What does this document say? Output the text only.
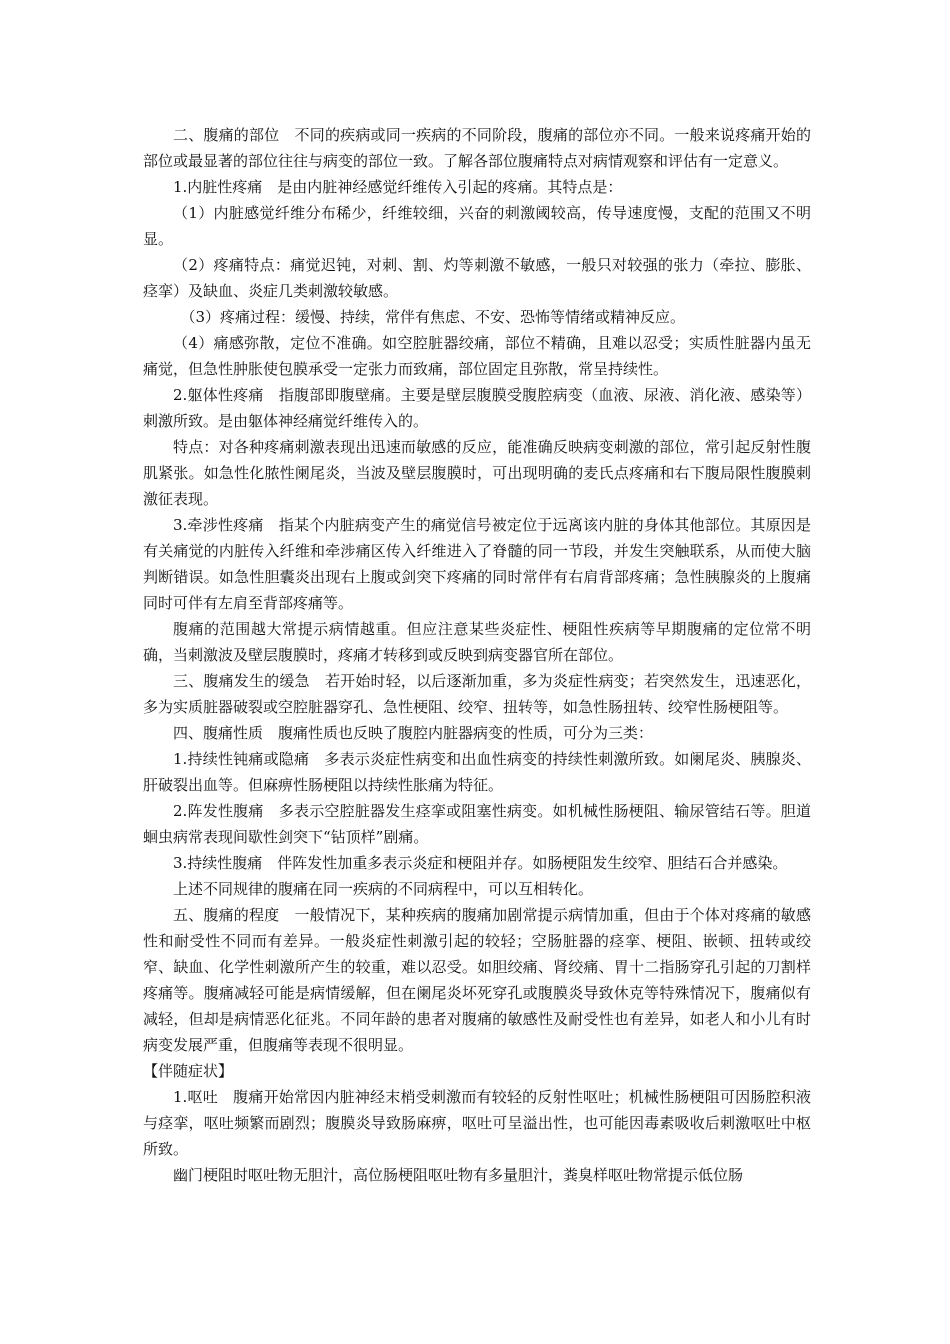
二、腹痛的部位　不同的疾病或同一疾病的不同阶段，腹痛的部位亦不同。一般来说疼痛开始的部位或最显著的部位往往与病变的部位一致。了解各部位腹痛特点对病情观察和评估有一定意义。

1.内脏性疼痛　是由内脏神经感觉纤维传入引起的疼痛。其特点是：

（1）内脏感觉纤维分布稀少，纤维较细，兴奋的刺激阈较高，传导速度慢，支配的范围又不明显。

（2）疼痛特点：痛觉迟钝，对刺、割、灼等刺激不敏感，一般只对较强的张力（牵拉、膨胀、痉挛）及缺血、炎症几类刺激较敏感。

（3）疼痛过程：缓慢、持续，常伴有焦虑、不安、恐怖等情绪或精神反应。

（4）痛感弥散，定位不准确。如空腔脏器绞痛，部位不精确，且难以忍受；实质性脏器内虽无痛觉，但急性肿胀使包膜承受一定张力而致痛，部位固定且弥散，常呈持续性。

2.躯体性疼痛　指腹部即腹壁痛。主要是壁层腹膜受腹腔病变（血液、尿液、消化液、感染等）刺激所致。是由躯体神经痛觉纤维传入的。

特点：对各种疼痛刺激表现出迅速而敏感的反应，能准确反映病变刺激的部位，常引起反射性腹肌紧张。如急性化脓性阑尾炎，当波及壁层腹膜时，可出现明确的麦氏点疼痛和右下腹局限性腹膜刺激征表现。

3.牵涉性疼痛　指某个内脏病变产生的痛觉信号被定位于远离该内脏的身体其他部位。其原因是有关痛觉的内脏传入纤维和牵涉痛区传入纤维进入了脊髓的同一节段，并发生突触联系，从而使大脑判断错误。如急性胆囊炎出现右上腹或剑突下疼痛的同时常伴有右肩背部疼痛；急性胰腺炎的上腹痛同时可伴有左肩至背部疼痛等。

腹痛的范围越大常提示病情越重。但应注意某些炎症性、梗阻性疾病等早期腹痛的定位常不明确，当刺激波及壁层腹膜时，疼痛才转移到或反映到病变器官所在部位。

三、腹痛发生的缓急　若开始时轻，以后逐渐加重，多为炎症性病变；若突然发生，迅速恶化，多为实质脏器破裂或空腔脏器穿孔、急性梗阻、绞窄、扭转等，如急性肠扭转、绞窄性肠梗阻等。

四、腹痛性质　腹痛性质也反映了腹腔内脏器病变的性质，可分为三类：

1.持续性钝痛或隐痛　多表示炎症性病变和出血性病变的持续性刺激所致。如阑尾炎、胰腺炎、肝破裂出血等。但麻痹性肠梗阻以持续性胀痛为特征。

2.阵发性腹痛　多表示空腔脏器发生痉挛或阻塞性病变。如机械性肠梗阻、输尿管结石等。胆道蛔虫病常表现间歇性剑突下“钻顶样”剧痛。

3.持续性腹痛　伴阵发性加重多表示炎症和梗阻并存。如肠梗阻发生绞窄、胆结石合并感染。

上述不同规律的腹痛在同一疾病的不同病程中，可以互相转化。

五、腹痛的程度　一般情况下，某种疾病的腹痛加剧常提示病情加重，但由于个体对疼痛的敏感性和耐受性不同而有差异。一般炎症性刺激引起的较轻；空肠脏器的痉挛、梗阻、嵌顿、扭转或绞窄、缺血、化学性刺激所产生的较重，难以忍受。如胆绞痛、肾绞痛、胃十二指肠穿孔引起的刀割样疼痛等。腹痛减轻可能是病情缓解，但在阑尾炎坏死穿孔或腹膜炎导致休克等特殊情况下，腹痛似有减轻，但却是病情恶化征兆。不同年龄的患者对腹痛的敏感性及耐受性也有差异，如老人和小儿有时病变发展严重，但腹痛等表现不很明显。

【伴随症状】

1.呕吐　腹痛开始常因内脏神经末梢受刺激而有较轻的反射性呕吐；机械性肠梗阻可因肠腔积液与痉挛，呕吐频繁而剧烈；腹膜炎导致肠麻痹，呕吐可呈溢出性，也可能因毒素吸收后刺激呕吐中枢所致。

幽门梗阻时呕吐物无胆汁，高位肠梗阻呕吐物有多量胆汁，粪臭样呕吐物常提示低位肠
